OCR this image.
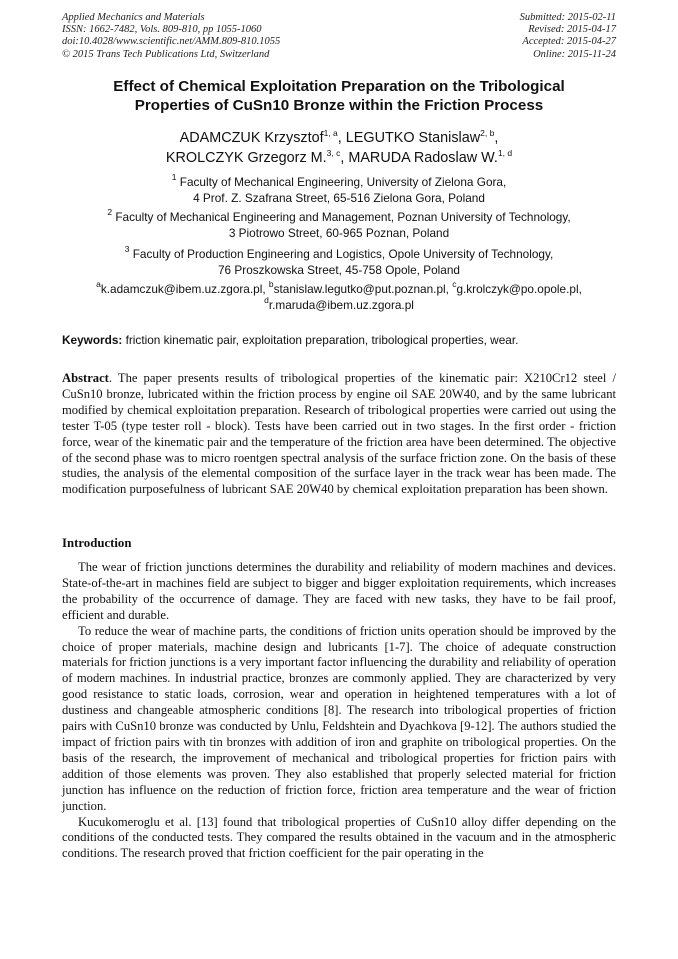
Applied Mechanics and Materials
ISSN: 1662-7482, Vols. 809-810, pp 1055-1060
doi:10.4028/www.scientific.net/AMM.809-810.1055
© 2015 Trans Tech Publications Ltd, Switzerland
Submitted: 2015-02-11
Revised: 2015-04-17
Accepted: 2015-04-27
Online: 2015-11-24
Effect of Chemical Exploitation Preparation on the Tribological
Properties of CuSn10 Bronze within the Friction Process
ADAMCZUK Krzysztof$^{1, a}$, LEGUTKO Stanislaw$^{2, b}$,
KROLCZYK Grzegorz M.$^{3, c}$, MARUDA Radoslaw W.$^{1, d}$
$^1$ Faculty of Mechanical Engineering, University of Zielona Gora,
4 Prof. Z. Szafrana Street, 65-516 Zielona Gora, Poland
$^2$ Faculty of Mechanical Engineering and Management, Poznan University of Technology,
3 Piotrowo Street, 60-965 Poznan, Poland
$^3$ Faculty of Production Engineering and Logistics, Opole University of Technology,
76 Proszkowska Street, 45-758 Opole, Poland
$^a$k.adamczuk@ibem.uz.zgora.pl, $^b$stanislaw.legutko@put.poznan.pl, $^c$g.krolczyk@po.opole.pl,
$^d$r.maruda@ibem.uz.zgora.pl
Keywords: friction kinematic pair, exploitation preparation, tribological properties, wear.
Abstract. The paper presents results of tribological properties of the kinematic pair: X210Cr12 steel / CuSn10 bronze, lubricated within the friction process by engine oil SAE 20W40, and by the same lubricant modified by chemical exploitation preparation. Research of tribological properties were carried out using the tester T-05 (type tester roll - block). Tests have been carried out in two stages. In the first order - friction force, wear of the kinematic pair and the temperature of the friction area have been determined. The objective of the second phase was to micro roentgen spectral analysis of the surface friction zone. On the basis of these studies, the analysis of the elemental composition of the surface layer in the track wear has been made. The modification purposefulness of lubricant SAE 20W40 by chemical exploitation preparation has been shown.
Introduction

The wear of friction junctions determines the durability and reliability of modern machines and devices. State-of-the-art in machines field are subject to bigger and bigger exploitation requirements, which increases the probability of the occurrence of damage. They are faced with new tasks, they have to be fail proof, efficient and durable.

To reduce the wear of machine parts, the conditions of friction units operation should be improved by the choice of proper materials, machine design and lubricants [1-7]. The choice of adequate construction materials for friction junctions is a very important factor influencing the durability and reliability of operation of modern machines. In industrial practice, bronzes are commonly applied. They are characterized by very good resistance to static loads, corrosion, wear and operation in heightened temperatures with a lot of dustiness and changeable atmospheric conditions [8]. The research into tribological properties of friction pairs with CuSn10 bronze was conducted by Unlu, Feldshtein and Dyachkova [9-12]. The authors studied the impact of friction pairs with tin bronzes with addition of iron and graphite on tribological properties. On the basis of the research, the improvement of mechanical and tribological properties for friction pairs with addition of those elements was proven. They also established that properly selected material for friction junction has influence on the reduction of friction force, friction area temperature and the wear of friction junction.

Kucukomeroglu et al. [13] found that tribological properties of CuSn10 alloy differ depending on the conditions of the conducted tests. They compared the results obtained in the vacuum and in the atmospheric conditions. The research proved that friction coefficient for the pair operating in the
